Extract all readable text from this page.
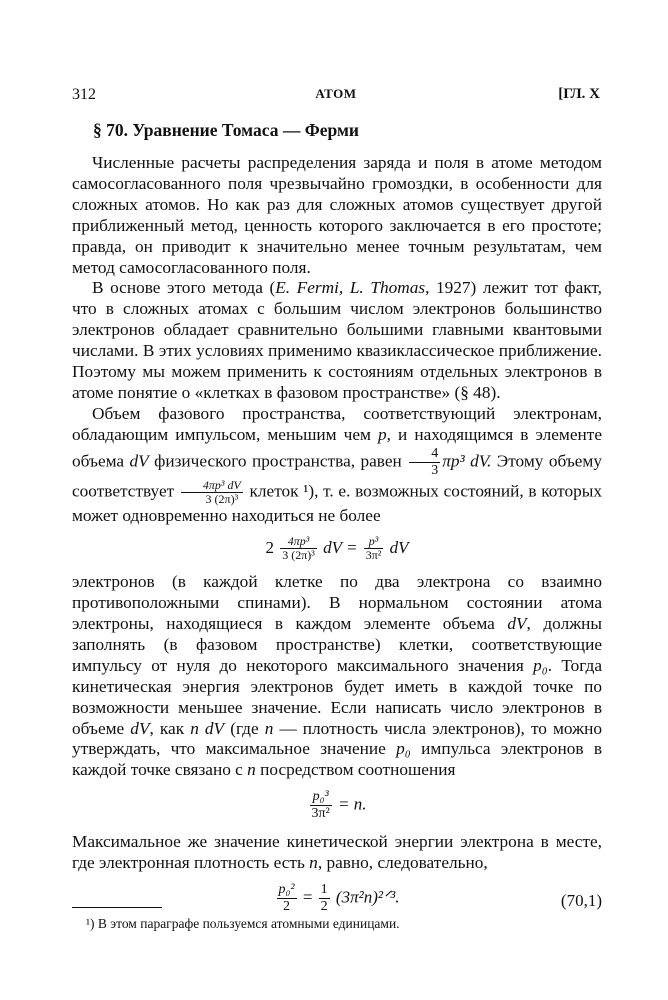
312	АТОМ	[ГЛ. X
§ 70. Уравнение Томаса — Ферми

Численные расчеты распределения заряда и поля в атоме методом самосогласованного поля чрезвычайно громоздки, в особенности для сложных атомов. Но как раз для сложных атомов существует другой приближенный метод, ценность которого заключается в его простоте; правда, он приводит к значительно менее точным результатам, чем метод самосогласованного поля.

В основе этого метода (E. Fermi, L. Thomas, 1927) лежит тот факт, что в сложных атомах с большим числом электронов большинство электронов обладает сравнительно большими главными квантовыми числами. В этих условиях применимо квазиклассическое приближение. Поэтому мы можем применить к состояниям отдельных электронов в атоме понятие о «клетках в фазовом пространстве» (§ 48).

Объем фазового пространства, соответствующий электронам, обладающим импульсом, меньшим чем p, и находящимся в элементе объема dV физического пространства, равен $\frac{4}{3} \pi p^3$ dV. Этому объему соответствует $\frac{\text{4πp³ dV}}{\text{3 (2π)³}}$ клеток ¹), т. е. возможных состояний, в которых может одновременно находиться не более

$2 \frac{\text{4πp³}}{\text{3 (2π)³}}$ dV = $\frac{\text{p³}}{\text{3π²}}$ dV

электронов (в каждой клетке по два электрона со взаимно противоположными спинами). В нормальном состоянии атома электроны, находящиеся в каждом элементе объема dV, должны заполнять (в фазовом пространстве) клетки, соответствующие импульсу от нуля до некоторого максимального значения p₀. Тогда кинетическая энергия электронов будет иметь в каждой точке по возможности меньшее значение. Если написать число электронов в объеме dV, как n dV (где n — плотность числа электронов), то можно утверждать, что максимальное значение p₀ импульса электронов в каждой точке связано с n посредством соотношения

$\frac{\text{p₀³}}{\text{3π²}} = n$.

Максимальное же значение кинетической энергии электрона в месте, где электронная плотность есть n, равно, следовательно,

$\frac{\text{p₀²}}{2} = \frac{1}{2}$ (3π²n)²ᐟ³.	(70,1)
¹) В этом параграфе пользуемся атомными единицами.
